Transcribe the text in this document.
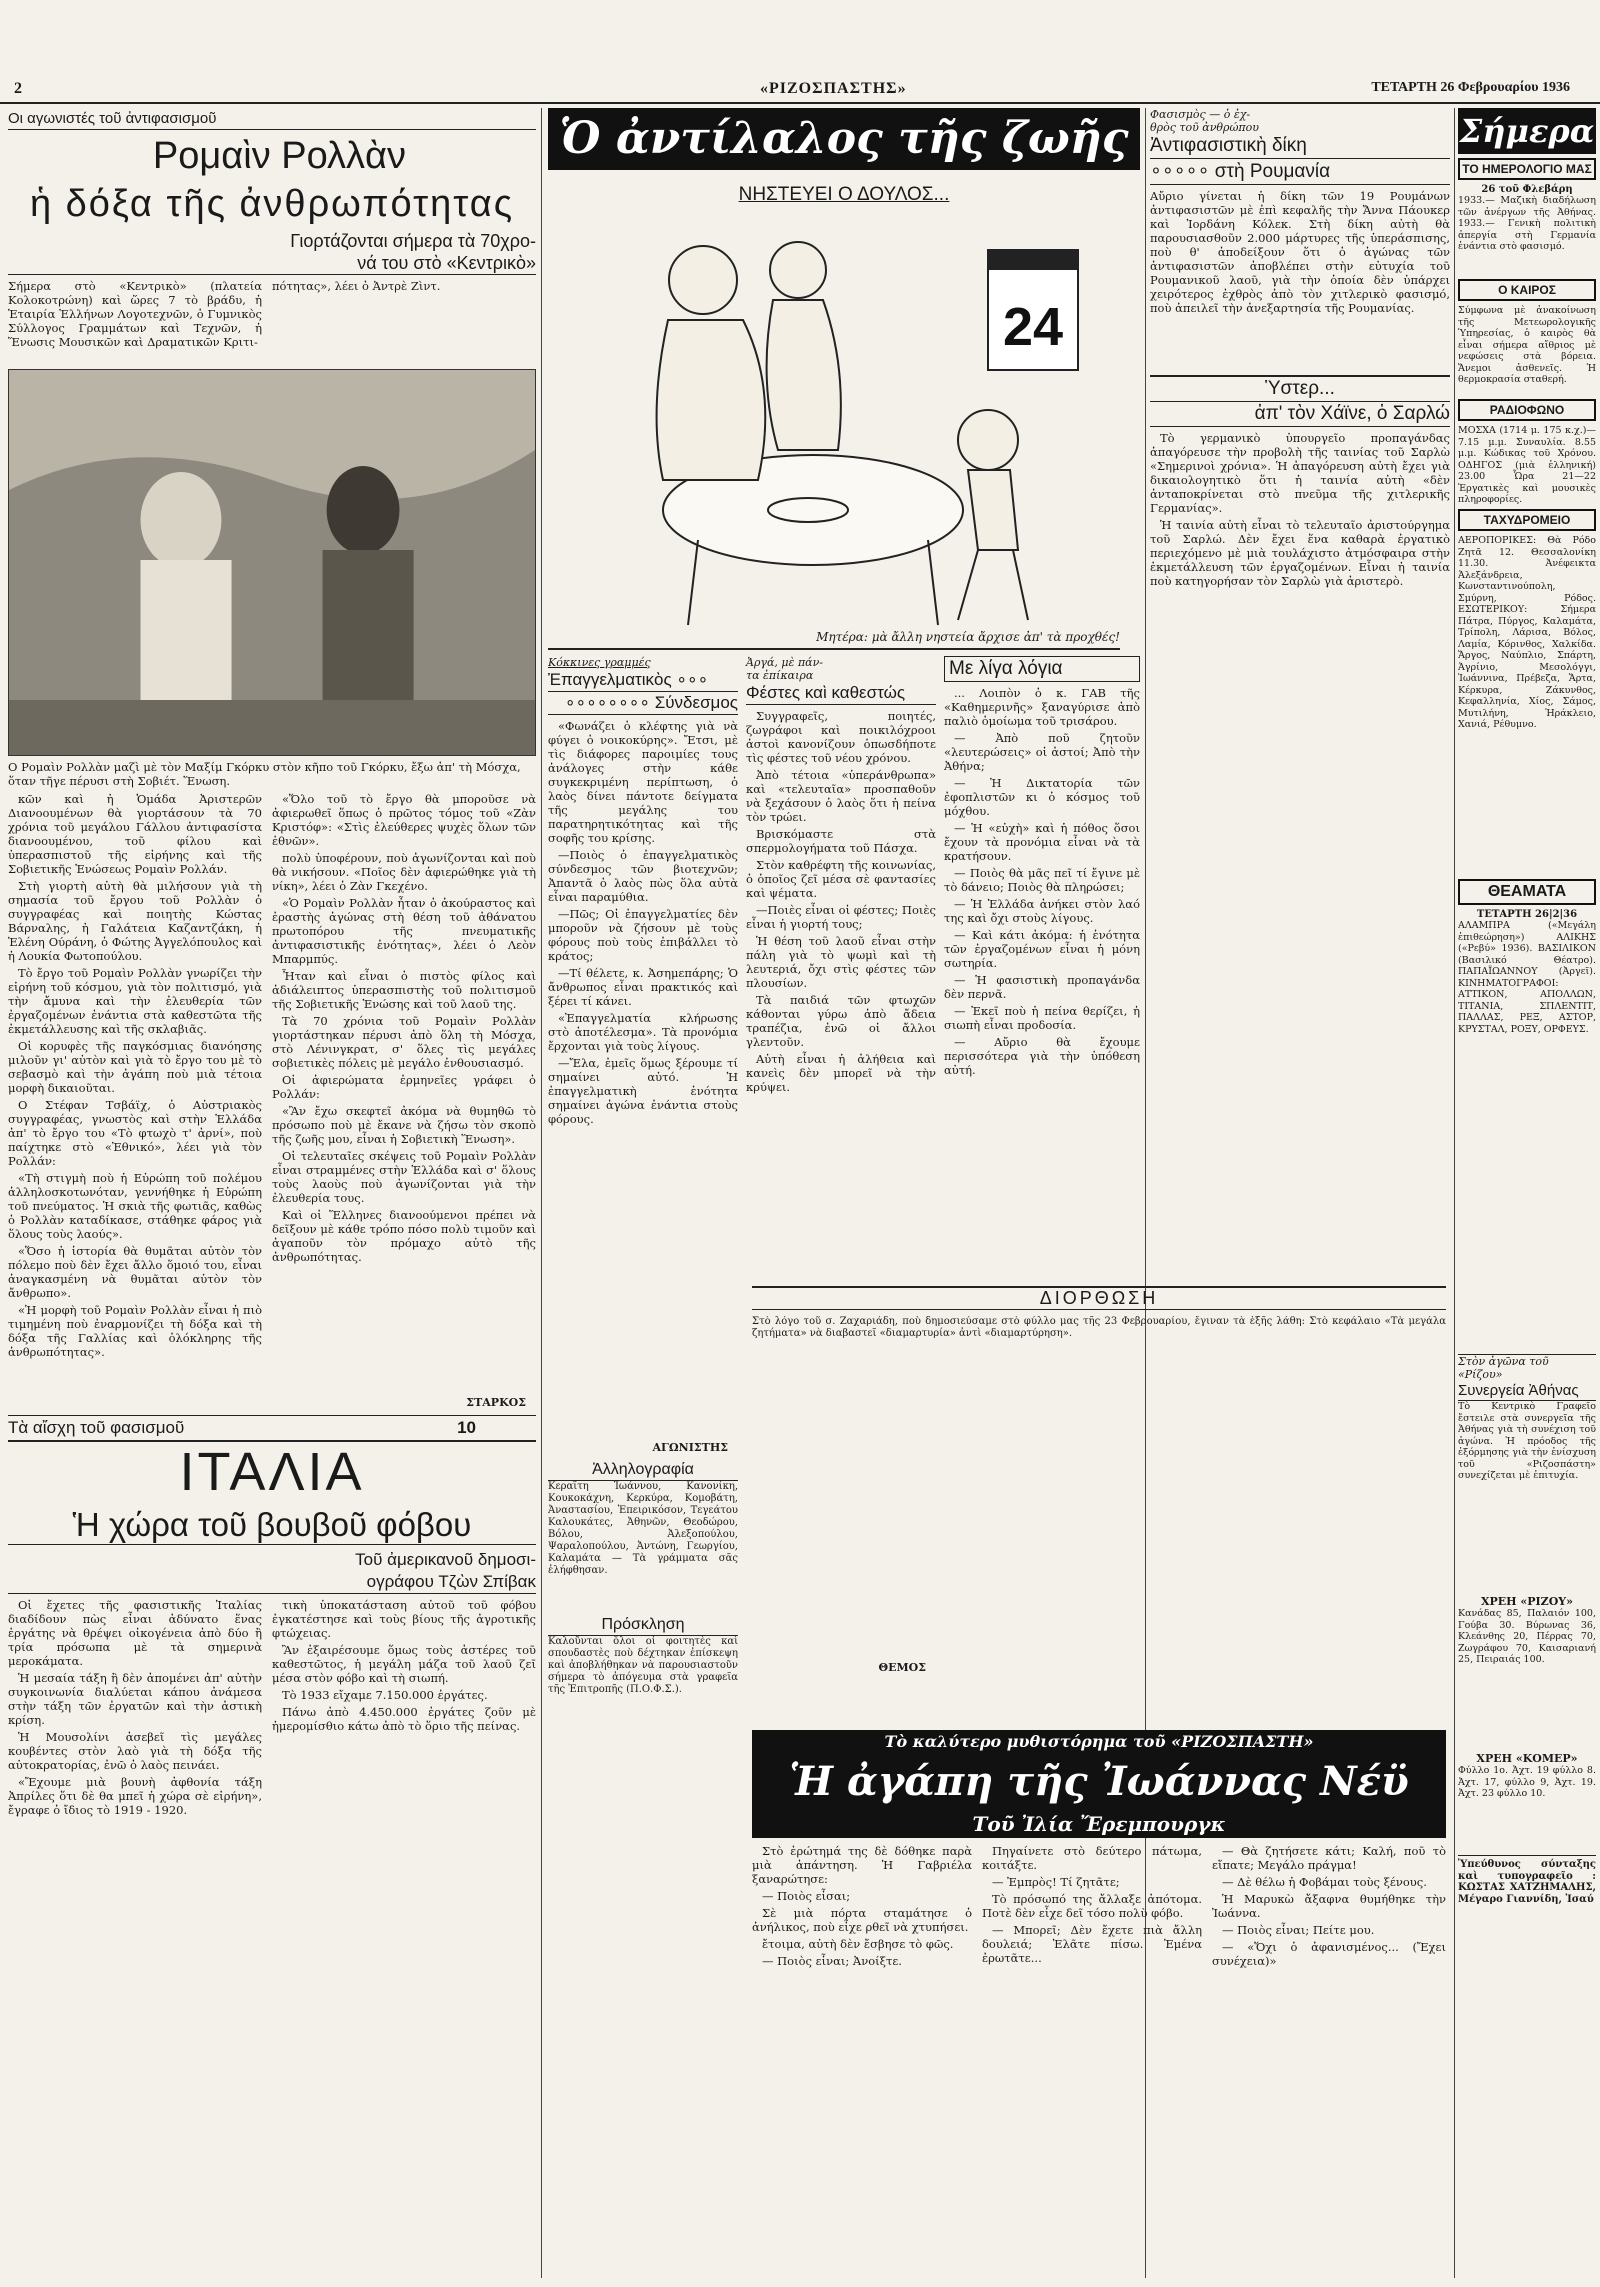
2	«ΡΙΖΟΣΠΑΣΤΗΣ»	ΤΕΤΑΡΤΗ 26 Φεβρουαρίου 1936
Οι αγωνιστές τοῦ ἀντιφασισμοῦ
Ρομαὶν Ρολλὰν
ἡ δόξα τῆς ἀνθρωπότητας
Γιορτάζονται σήμερα τὰ 70χρο-
νά του στὸ «Κεντρικὸ»
Σήμερα στὸ «Κεντρικὸ» (πλατεία Κολοκοτρώνη) καὶ ὥρες 7 τὸ βράδυ, ἡ Ἑταιρία Ἑλλήνων Λογοτεχνῶν, ὁ Γυμνικὸς Σύλλογος Γραμμάτων καὶ Τεχνῶν, ἡ Ἕνωσις Μουσικῶν καὶ Δραματικῶν Κριτι-
πότητας», λέει ὁ Ἀντρὲ Ζὶντ.
Ο Ρομαὶν Ρολλὰν μαζὶ μὲ τὸν Μαξίμ Γκόρκυ στὸν κῆπο τοῦ Γκόρκυ, ἔξω ἀπ' τὴ Μόσχα, ὅταν τῆγε πέρυσι στὴ Σοβιέτ. Ἕνωση.

κῶν καὶ ἡ Ὁμάδα Ἀριστερῶν Διανοουμένων θὰ γιορτάσουν τὰ 70 χρόνια τοῦ μεγάλου Γάλλου ἀντιφασίστα διανοουμένου, τοῦ φίλου καὶ ὑπερασπιστοῦ τῆς εἰρήνης καὶ τῆς Σοβιετικῆς Ἑνώσεως Ρομαὶν Ρολλάν.

Στὴ γιορτὴ αὐτὴ θὰ μιλήσουν γιὰ τὴ σημασία τοῦ ἔργου τοῦ Ρολλὰν ὁ συγγραφέας καὶ ποιητὴς Κώστας Βάρναλης, ἡ Γαλάτεια Καζαντζάκη, ἡ Ἑλένη Ούράνη, ὁ Φώτης Ἀγγελόπουλος καὶ ἡ Λουκία Φωτοπούλου.

Τὸ ἔργο τοῦ Ρομαὶν Ρολλὰν γνωρίζει τὴν εἰρήνη τοῦ κόσμου, γιὰ τὸν πολιτισμό, γιὰ τὴν ἄμυνα καὶ τὴν ἐλευθερία τῶν ἐργαζομένων ἐνάντια στὰ καθεστῶτα τῆς ἐκμετάλλευσης καὶ τῆς σκλαβιᾶς.

Οἱ κορυφὲς τῆς παγκόσμιας διανόησης μιλοῦν γι' αὐτὸν καὶ γιὰ τὸ ἔργο του μὲ τὸ σεβασμὸ καὶ τὴν ἀγάπη ποὺ μιὰ τέτοια μορφὴ δικαιοῦται.

Ο Στέφαν Τσβάϊχ, ὁ Αὐστριακὸς συγγραφέας, γνωστὸς καὶ στὴν Ἑλλάδα ἀπ' τὸ ἔργο του «Τὸ φτωχὸ τ' ἀρνί», ποὺ παίχτηκε στὸ «Ἐθνικό», λέει γιὰ τὸν Ρολλάν:

«Τὴ στιγμὴ ποὺ ἡ Εὐρώπη τοῦ πολέμου ἀλληλοσκοτωνόταν, γεννήθηκε ἡ Εὐρώπη τοῦ πνεύματος. Ἡ σκιὰ τῆς φωτιᾶς, καθὼς ὁ Ρολλὰν καταδίκασε, στάθηκε φάρος γιὰ ὅλους τοὺς λαούς».

«Ὅσο ἡ ἱστορία θὰ θυμᾶται αὐτὸν τὸν πόλεμο ποὺ δὲν ἔχει ἄλλο ὅμοιό του, εἶναι ἀναγκασμένη νὰ θυμᾶται αὐτὸν τὸν ἄνθρωπο».

«Ἡ μορφὴ τοῦ Ρομαὶν Ρολλὰν εἶναι ἡ πιὸ τιμημένη ποὺ ἐναρμονίζει τὴ δόξα καὶ τὴ δόξα τῆς Γαλλίας καὶ ὁλόκληρης τῆς ἀνθρωπότητας».

«Ὅλο τοῦ τὸ ἔργο θὰ μποροῦσε νὰ ἀφιερωθεῖ ὅπως ὁ πρῶτος τόμος τοῦ «Ζὰν Κριστόφ»: «Στὶς ἐλεύθερες ψυχὲς ὅλων τῶν ἐθνῶν».

πολὺ ὑποφέρουν, ποὺ ἀγωνίζονται καὶ ποὺ θὰ νικήσουν. «Ποῖος δὲν ἀφιερώθηκε γιὰ τὴ νίκη», λέει ὁ Ζὰν Γκεχένο.

«Ὁ Ρομαὶν Ρολλὰν ἦταν ὁ ἀκούραστος καὶ ἐραστὴς ἀγώνας στὴ θέση τοῦ ἀθάνατου πρωτοπόρου τῆς πνευματικῆς ἀντιφασιστικῆς ἑνότητας», λέει ὁ Λεὸν Μπαρμπύς.

Ἦταν καὶ εἶναι ὁ πιστὸς φίλος καὶ ἀδιάλειπτος ὑπερασπιστὴς τοῦ πολιτισμοῦ τῆς Σοβιετικῆς Ἑνώσης καὶ τοῦ λαοῦ της.

Τὰ 70 χρόνια τοῦ Ρομαὶν Ρολλὰν γιορτάστηκαν πέρυσι ἀπὸ ὅλη τὴ Μόσχα, στὸ Λένινγκρατ, σ' ὅλες τὶς μεγάλες σοβιετικὲς πόλεις μὲ μεγάλο ἐνθουσιασμό.

Οἱ ἀφιερώματα ἐρμηνεῖες γράφει ὁ Ρολλάν:

«Ἂν ἔχω σκεφτεῖ ἀκόμα νὰ θυμηθῶ τὸ πρόσωπο ποὺ μὲ ἔκανε νὰ ζήσω τὸν σκοπὸ τῆς ζωῆς μου, εἶναι ἡ Σοβιετικὴ Ἕνωση».

Οἱ τελευταῖες σκέψεις τοῦ Ρομαὶν Ρολλὰν εἶναι στραμμένες στὴν Ἑλλάδα καὶ σ' ὅλους τοὺς λαοὺς ποὺ ἀγωνίζονται γιὰ τὴν ἐλευθερία τους.

Καὶ οἱ Ἕλληνες διανοούμενοι πρέπει νὰ δεῖξουν μὲ κάθε τρόπο πόσο πολὺ τιμοῦν καὶ ἀγαποῦν τὸν πρόμαχο αὐτὸ τῆς ἀνθρωπότητας.

ΣΤΑΡΚΟΣ
Τὰ αἴσχη τοῦ φασισμοῦ	10
ΙΤΑΛΙΑ
Ἡ χώρα τοῦ βουβοῦ φόβου
Τοῦ ἀμερικανοῦ δημοσι-
ογράφου Τζὼν Σπίβακ

Οἱ ἔχετες τῆς φασιστικῆς Ἰταλίας διαδίδουν πὼς εἶναι ἀδύνατο ἕνας ἐργάτης νὰ θρέψει οἰκογένεια ἀπὸ δύο ἢ τρία πρόσωπα μὲ τὰ σημερινὰ μεροκάματα.

Ἡ μεσαία τάξη ἢ δὲν ἀπομένει ἀπ' αὐτὴν συγκοινωνία διαλύεται κάπου ἀνάμεσα στὴν τάξη τῶν ἐργατῶν καὶ τὴν ἀστικὴ κρίση.

Ἡ Μουσολίνι ἀσεβεῖ τὶς μεγάλες κουβέντες στὸν λαὸ γιὰ τὴ δόξα τῆς αὐτοκρατορίας, ἐνῶ ὁ λαὸς πεινάει.

«Ἔχουμε μιὰ βουνὴ ἀφθονία τάξη Ἀπρίλες ὅτι δὲ θα μπεῖ ἡ χώρα σὲ εἰρήνη», ἔγραφε ὁ ἴδιος τὸ 1919 - 1920.

τικὴ ὑποκατάσταση αὐτοῦ τοῦ φόβου ἐγκατέστησε καὶ τοὺς βίους τῆς ἀγροτικῆς φτώχειας.

Ἂν ἐξαιρέσουμε ὅμως τοὺς ἀστέρες τοῦ καθεστῶτος, ἡ μεγάλη μάζα τοῦ λαοῦ ζεῖ μέσα στὸν φόβο καὶ τὴ σιωπή.

Τὸ 1933 εἴχαμε 7.150.000 ἐργάτες.

Πάνω ἀπὸ 4.450.000 ἐργάτες ζοῦν μὲ ἡμερομίσθιο κάτω ἀπὸ τὸ ὅριο τῆς πείνας.

Ὁ ἀντίλαλος τῆς ζωῆς
ΝΗΣΤΕΥΕΙ Ο ΔΟΥΛΟΣ...
24
Μητέρα: μὰ ἄλλη νηστεία ἄρχισε ἀπ' τὰ προχθές!
Κόκκινες γραμμές
Ἐπαγγελματικὸς ∘∘∘
∘∘∘∘∘∘∘∘ Σύνδεσμος

«Φωνάζει ὁ κλέφτης γιὰ νὰ φύγει ὁ νοικοκύρης». Ἔτσι, μὲ τὶς διάφορες παροιμίες τους ἀνάλογες στὴν κάθε συγκεκριμένη περίπτωση, ὁ λαὸς δίνει πάντοτε δείγματα τῆς μεγάλης του παρατηρητικότητας καὶ τῆς σοφῆς του κρίσης.

—Ποιὸς ὁ ἐπαγγελματικὸς σύνδεσμος τῶν βιοτεχνῶν; Ἀπαντᾶ ὁ λαὸς πὼς ὅλα αὐτὰ εἶναι παραμύθια.

—Πῶς; Οἱ ἐπαγγελματίες δὲν μποροῦν νὰ ζήσουν μὲ τοὺς φόρους ποὺ τοὺς ἐπιβάλλει τὸ κράτος;

—Τί θέλετε, κ. Ἀσημεπάρης; Ὁ ἄνθρωπος εἶναι πρακτικός καὶ ξέρει τί κάνει.

«Ἐπαγγελματία κλήρωσης στὸ ἀποτέλεσμα». Τὰ προνόμια ἔρχονται γιὰ τοὺς λίγους.

—Ἔλα, ἐμεῖς ὅμως ξέρουμε τί σημαίνει αὐτό. Ἡ ἐπαγγελματικὴ ἑνότητα σημαίνει ἀγώνα ἐνάντια στοὺς φόρους.

ΑΓΩΝΙΣΤΗΣ
Ἀλληλογραφία
Κεραΐτη Ἰωάννου, Κανονίκη, Κουκοκάχνη, Κερκύρα, Κομοβάτη, Ἀναστασίου, Ἐπειρικόσον, Τεγεάτου Καλουκάτες, Ἀθηνῶν, Θεοδώρου, Βόλου, Ἀλεξοπούλου, Ψαραλοπούλου, Ἀντώνη, Γεωργίου, Καλαμάτα — Τὰ γράμματα σᾶς ἐλήφθησαν.
Πρόσκληση
Καλοῦνται ὅλοι οἱ φοιτητὲς καὶ σπουδαστὲς ποὺ δέχτηκαν ἐπίσκεψη καὶ ἀποβλήθηκαν νὰ παρουσιαστοῦν σήμερα τὸ ἀπόγευμα στὰ γραφεῖα τῆς Ἐπιτροπῆς (Π.Ο.Φ.Σ.).
Ἀργά, μὲ πάν-
τα ἐπίκαιρα
Φέστες καὶ καθεστώς

Συγγραφεῖς, ποιητές, ζωγράφοι καὶ ποικιλόχροοι ἀστοὶ κανονίζουν ὁπωσδήποτε τὶς φέστες τοῦ νέου χρόνου.

Ἀπὸ τέτοια «ὑπεράνθρωπα» καὶ «τελευταῖα» προσπαθοῦν νὰ ξεχάσουν ὁ λαὸς ὅτι ἡ πείνα τὸν τρώει.

Βρισκόμαστε στὰ σπερμολογήματα τοῦ Πάσχα.

Στὸν καθρέφτη τῆς κοινωνίας, ὁ ὁποῖος ζεῖ μέσα σὲ φαντασίες καὶ ψέματα.

—Ποιὲς εἶναι οἱ φέστες; Ποιὲς εἶναι ἡ γιορτή τους;

Ἡ θέση τοῦ λαοῦ εἶναι στὴν πάλη γιὰ τὸ ψωμὶ καὶ τὴ λευτεριά, ὄχι στὶς φέστες τῶν πλουσίων.

Τὰ παιδιά τῶν φτωχῶν κάθονται γύρω ἀπὸ ἄδεια τραπέζια, ἐνῶ οἱ ἄλλοι γλεντοῦν.

Αὐτὴ εἶναι ἡ ἀλήθεια καὶ κανεὶς δὲν μπορεῖ νὰ τὴν κρύψει.

ΘΕΜΟΣ
Με λίγα λόγια

... Λοιπὸν ὁ κ. ΓΑΒ τῆς «Καθημερινῆς» ξαναγύρισε ἀπὸ παλιὸ ὁμοίωμα τοῦ τρισάρου.

— Ἀπὸ ποῦ ζητοῦν «λευτερώσεις» οἱ ἀστοί; Ἀπὸ τὴν Ἀθήνα;

— Ἡ Δικτατορία τῶν ἐφοπλιστῶν κι ὁ κόσμος τοῦ μόχθου.

— Ἡ «εὐχὴ» καὶ ἡ πόθος ὅσοι ἔχουν τὰ προνόμια εἶναι νὰ τὰ κρατήσουν.

— Ποιὸς θὰ μᾶς πεῖ τί ἔγινε μὲ τὸ δάνειο; Ποιὸς θὰ πληρώσει;

— Ἡ Ἑλλάδα ἀνήκει στὸν λαό της καὶ ὄχι στοὺς λίγους.

— Καὶ κάτι ἀκόμα: ἡ ἑνότητα τῶν ἐργαζομένων εἶναι ἡ μόνη σωτηρία.

— Ἡ φασιστικὴ προπαγάνδα δὲν περνᾶ.

— Ἐκεῖ ποὺ ἡ πείνα θερίζει, ἡ σιωπὴ εἶναι προδοσία.

— Αὔριο θὰ ἔχουμε περισσότερα γιὰ τὴν ὑπόθεση αὐτή.

ΔΙΟΡΘΩΣΗ
Στὸ λόγο τοῦ σ. Ζαχαριάδη, ποὺ δημοσιεύσαμε στὸ φύλλο μας τῆς 23 Φεβρουαρίου, ἔγιναν τὰ ἑξῆς λάθη: Στὸ κεφάλαιο «Τὰ μεγάλα ζητήματα» νὰ διαβαστεῖ «διαμαρτυρία» ἀντὶ «διαμαρτύρηση».
Τὸ καλύτερο μυθιστόρημα τοῦ «ΡΙΖΟΣΠΑΣΤΗ»
Ἡ ἀγάπη τῆς Ἰωάννας Νέϋ
Τοῦ Ἰλία Ἔρεμπουργκ

Στὸ ἐρώτημά της δὲ δόθηκε παρὰ μιὰ ἀπάντηση. Ἡ Γαβριέλα ξαναρώτησε:

— Ποιὸς εἶσαι;

Σὲ μιὰ πόρτα σταμάτησε ὁ ἀνήλικος, ποὺ εἶχε ρθεῖ νὰ χτυπήσει.

ἔτοιμα, αὐτὴ δὲν ἔσβησε τὸ φῶς.

— Ποιὸς εἶναι; Ἀνοίξτε.

Πηγαίνετε στὸ δεύτερο πάτωμα, κοιτάξτε.

— Ἐμπρὸς! Τί ζητᾶτε;

Τὸ πρόσωπό της ἄλλαξε ἀπότομα. Ποτὲ δὲν εἶχε δεῖ τόσο πολὺ φόβο.

— Μπορεῖ; Δὲν ἔχετε πιὰ ἄλλη δουλειά; Ἐλᾶτε πίσω. Ἐμένα ἐρωτᾶτε...

— Θὰ ζητήσετε κάτι; Καλή, ποῦ τὸ εἴπατε; Μεγάλο πράγμα!

— Δὲ θέλω ἡ Φοβάμαι τοὺς ξένους.

Ἡ Μαρυκὼ ἄξαφνα θυμήθηκε τὴν Ἰωάννα.

— Ποιὸς εἶναι; Πείτε μου.

— «Ὅχι ὁ ἀφανισμένος... (Ἔχει συνέχεια)»

Φασισμὸς — ὁ ἐχ-
θρὸς τοῦ ἀνθρώπου
Ἀντιφασιστικὴ δίκη
∘∘∘∘∘ στὴ Ρουμανία
Αὔριο γίνεται ἡ δίκη τῶν 19 Ρουμάνων ἀντιφασιστῶν μὲ ἐπὶ κεφαλῆς τὴν Ἄννα Πάουκερ καὶ Ἰορδάνη Κόλεκ. Στὴ δίκη αὐτὴ θὰ παρουσιασθοῦν 2.000 μάρτυρες τῆς ὑπεράσπισης, ποὺ θ' ἀποδείξουν ὅτι ὁ ἀγώνας τῶν ἀντιφασιστῶν ἀποβλέπει στὴν εὐτυχία τοῦ Ρουμανικοῦ λαοῦ, γιὰ τὴν ὁποία δὲν ὑπάρχει χειρότερος ἐχθρὸς ἀπὸ τὸν χιτλερικὸ φασισμό, ποὺ ἀπειλεῖ τὴν ἀνεξαρτησία τῆς Ρουμανίας.
Ὑστερ...
ἀπ' τὸν Χάϊνε, ὁ Σαρλώ

Τὸ γερμανικὸ ὑπουργεῖο προπαγάνδας ἀπαγόρευσε τὴν προβολὴ τῆς ταινίας τοῦ Σαρλὼ «Σημερινοὶ χρόνια». Ἡ ἀπαγόρευση αὐτὴ ἔχει γιὰ δικαιολογητικὸ ὅτι ἡ ταινία αὐτὴ «δὲν ἀνταποκρίνεται στὸ πνεῦμα τῆς χιτλερικῆς Γερμανίας».

Ἡ ταινία αὐτὴ εἶναι τὸ τελευταῖο ἀριστούργημα τοῦ Σαρλώ. Δὲν ἔχει ἕνα καθαρὰ ἐργατικὸ περιεχόμενο μὲ μιὰ τουλάχιστο ἀτμόσφαιρα στὴν ἐκμετάλλευση τῶν ἐργαζομένων. Εἶναι ἡ ταινία ποὺ κατηγορήσαν τὸν Σαρλὼ γιὰ ἀριστερὸ.

Σήμερα
ΤΟ ΗΜΕΡΟΛΟΓΙΟ ΜΑΣ
26 τοῦ Φλεβάρη
1933.— Μαζικὴ διαδήλωση τῶν ἀνέργων τῆς Ἀθήνας. 1933.— Γενικὴ πολιτικὴ ἀπεργία στὴ Γερμανία ἐνάντια στὸ φασισμό.
Ο ΚΑΙΡΟΣ
Σύμφωνα μὲ ἀνακοίνωση τῆς Μετεωρολογικῆς Ὑπηρεσίας, ὁ καιρὸς θὰ εἶναι σήμερα αἴθριος μὲ νεφώσεις στὰ βόρεια. Ἄνεμοι ἀσθενεῖς. Ἡ θερμοκρασία σταθερή.
ΡΑΔΙΟΦΩΝΟ
ΜΟΣΧΑ (1714 μ. 175 κ.χ.)—7.15 μ.μ. Συναυλία. 8.55 μ.μ. Κώδικας τοῦ Χρόνου. ΟΔΗΓΟΣ (μιὰ ἑλληνική) 23.00 Ὧρα 21—22 Ἐργατικὲς καὶ μουσικὲς πληροφορίες.
ΤΑΧΥΔΡΟΜΕΙΟ
ΑΕΡΟΠΟΡΙΚΕΣ: Θὰ Ρόδο Ζητᾶ 12. Θεσσαλονίκη 11.30. Ἀνέφεικτα Ἀλεξάνδρεια, Κωνσταντινούπολη, Σμύρνη, Ρόδος. ΕΣΩΤΕΡΙΚΟΥ: Σήμερα Πάτρα, Πύργος, Καλαμάτα, Τρίπολη, Λάρισα, Βόλος, Λαμία, Κόρινθος, Χαλκίδα. Ἄργος, Ναύπλιο, Σπάρτη, Ἀγρίνιο, Μεσολόγγι, Ἰωάννινα, Πρέβεζα, Ἄρτα, Κέρκυρα, Ζάκυνθος, Κεφαλληνία, Χίος, Σάμος, Μυτιλήνη, Ἡράκλειο, Χανιά, Ρέθυμνο.
ΘΕΑΜΑΤΑ
ΤΕΤΑΡΤΗ 26|2|36
ΑΛΑΜΠΡΑ («Μεγάλη ἐπιθεώρηση») ΑΛΙΚΗΣ («Ρεβύ» 1936). ΒΑΣΙΛΙΚΟΝ (Βασιλικό Θέατρο). ΠΑΠΑΪΩΑΝΝΟΥ (Ἀργεῖ). ΚΙΝΗΜΑΤΟΓΡΑΦΟΙ: ΑΤΤΙΚΟΝ, ΑΠΟΛΛΩΝ, ΤΙΤΑΝΙΑ, ΣΠΛΕΝΤΙΤ, ΠΑΛΛΑΣ, ΡΕΞ, ΑΣΤΟΡ, ΚΡΥΣΤΑΛ, ΡΟΞΥ, ΟΡΦΕΥΣ.
Στὸν ἀγῶνα τοῦ «Ρίζου»
Συνεργεία Ἀθήνας
Τὸ Κεντρικὸ Γραφεῖο ἔστειλε στὰ συνεργεῖα τῆς Ἀθήνας γιὰ τὴ συνέχιση τοῦ ἀγώνα. Ἡ πρόοδος τῆς ἐξόρμησης γιὰ τὴν ἐνίσχυση τοῦ «Ριζοσπάστη» συνεχίζεται μὲ ἐπιτυχία.
ΧΡΕΗ «ΡΙΖΟΥ»
Κανάδας 85, Παλαιόν 100, Γούβα 30. Βύρωνας 36, Κλεάνθης 20, Πέρρας 70, Ζωγράφου 70, Καισαριανή 25, Πειραιάς 100.
ΧΡΕΗ «ΚΟΜΕΡ»
Φύλλο 1ο. Ἀχτ. 19 φύλλο 8. Ἀχτ. 17, φύλλο 9, Ἀχτ. 19. Ἀχτ. 23 φύλλο 10.
Ὑπεύθυνος σύνταξης καὶ τυπογραφεῖο : ΚΩΣΤΑΣ ΧΑΤΖΗΜΑΛΗΣ, Μέγαρο Γιαννίδη, Ἰσαύ
